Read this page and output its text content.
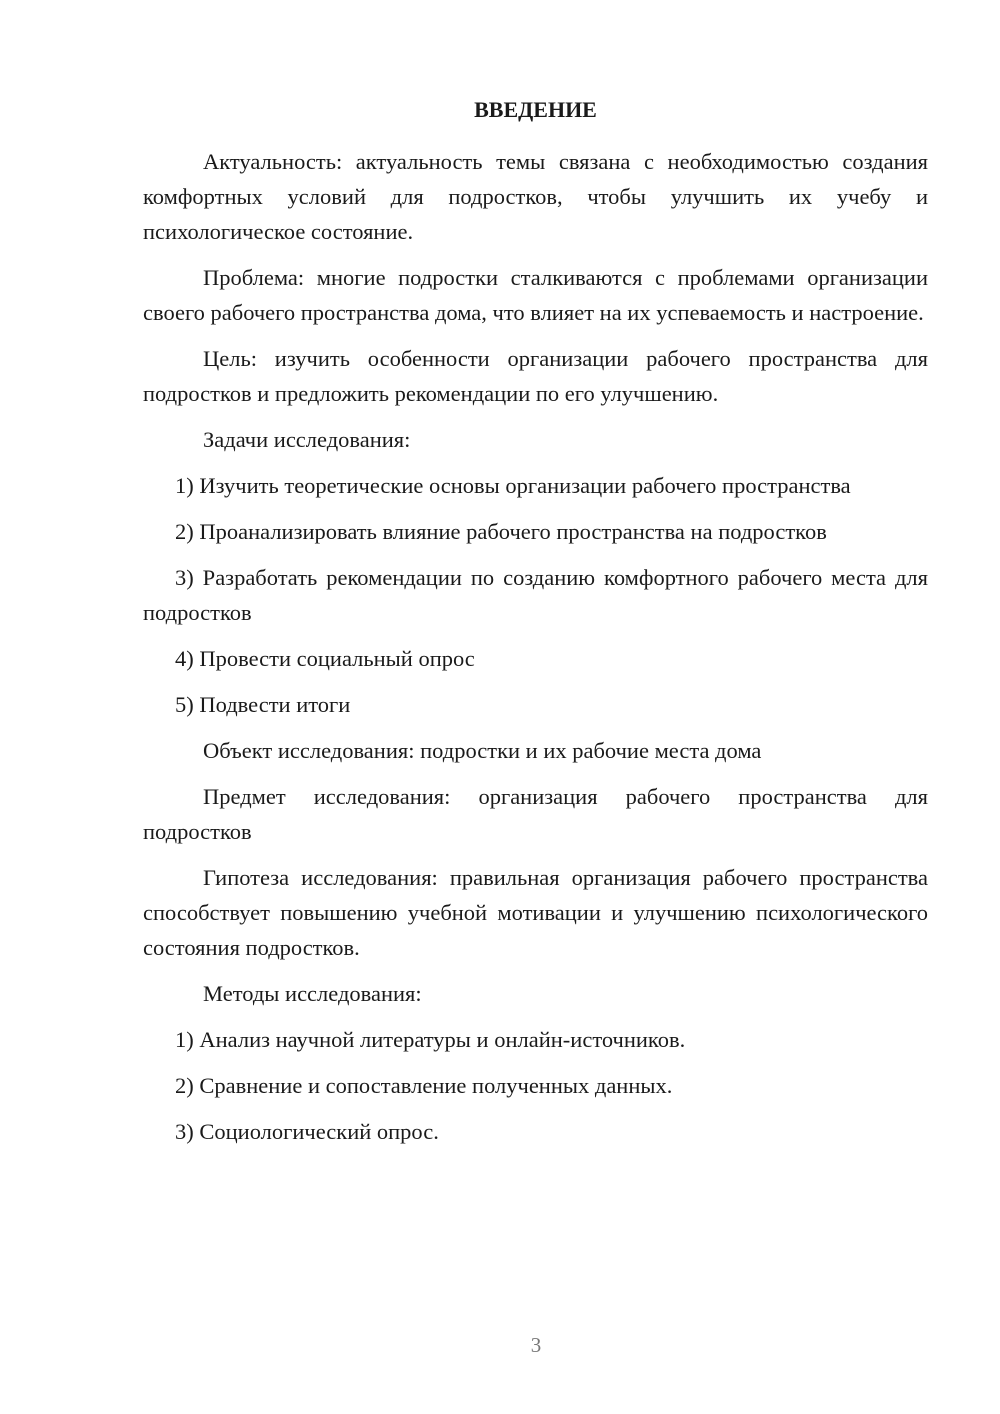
ВВЕДЕНИЕ
Актуальность: актуальность темы связана с необходимостью создания комфортных условий для подростков, чтобы улучшить их учебу и психологическое состояние.
Проблема: многие подростки сталкиваются с проблемами организации своего рабочего пространства дома, что влияет на их успеваемость и настроение.
Цель: изучить особенности организации рабочего пространства для подростков и предложить рекомендации по его улучшению.
Задачи исследования:
1) Изучить теоретические основы организации рабочего пространства
2) Проанализировать влияние рабочего пространства на подростков
3) Разработать рекомендации по созданию комфортного рабочего места для подростков
4) Провести социальный опрос
5) Подвести итоги
Объект исследования: подростки и их рабочие места дома
Предмет исследования: организация рабочего пространства для подростков
Гипотеза исследования: правильная организация рабочего пространства способствует повышению учебной мотивации и улучшению психологического состояния подростков.
Методы исследования:
1) Анализ научной литературы и онлайн-источников.
2) Сравнение и сопоставление полученных данных.
3) Социологический опрос.
3
